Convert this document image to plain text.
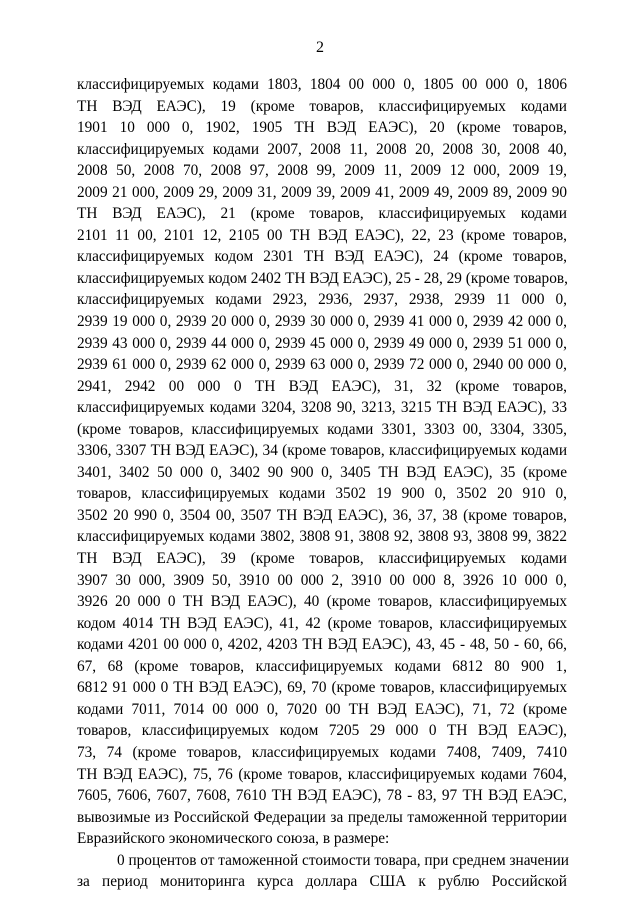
2
классифицируемых кодами 1803, 1804 00 000 0, 1805 00 000 0, 1806
ТН ВЭД ЕАЭС), 19 (кроме товаров, классифицируемых кодами
1901 10 000 0, 1902, 1905 ТН ВЭД ЕАЭС), 20 (кроме товаров,
классифицируемых кодами 2007, 2008 11, 2008 20, 2008 30, 2008 40,
2008 50, 2008 70, 2008 97, 2008 99, 2009 11, 2009 12 000, 2009 19,
2009 21 000, 2009 29, 2009 31, 2009 39, 2009 41, 2009 49, 2009 89, 2009 90
ТН ВЭД ЕАЭС), 21 (кроме товаров, классифицируемых кодами
2101 11 00, 2101 12, 2105 00 ТН ВЭД ЕАЭС), 22, 23 (кроме товаров,
классифицируемых кодом 2301 ТН ВЭД ЕАЭС), 24 (кроме товаров,
классифицируемых кодом 2402 ТН ВЭД ЕАЭС), 25 - 28, 29 (кроме товаров,
классифицируемых кодами 2923, 2936, 2937, 2938, 2939 11 000 0,
2939 19 000 0, 2939 20 000 0, 2939 30 000 0, 2939 41 000 0, 2939 42 000 0,
2939 43 000 0, 2939 44 000 0, 2939 45 000 0, 2939 49 000 0, 2939 51 000 0,
2939 61 000 0, 2939 62 000 0, 2939 63 000 0, 2939 72 000 0, 2940 00 000 0,
2941, 2942 00 000 0 ТН ВЭД ЕАЭС), 31, 32 (кроме товаров,
классифицируемых кодами 3204, 3208 90, 3213, 3215 ТН ВЭД ЕАЭС), 33
(кроме товаров, классифицируемых кодами 3301, 3303 00, 3304, 3305,
3306, 3307 ТН ВЭД ЕАЭС), 34 (кроме товаров, классифицируемых кодами
3401, 3402 50 000 0, 3402 90 900 0, 3405 ТН ВЭД ЕАЭС), 35 (кроме
товаров, классифицируемых кодами 3502 19 900 0, 3502 20 910 0,
3502 20 990 0, 3504 00, 3507 ТН ВЭД ЕАЭС), 36, 37, 38 (кроме товаров,
классифицируемых кодами 3802, 3808 91, 3808 92, 3808 93, 3808 99, 3822
ТН ВЭД ЕАЭС), 39 (кроме товаров, классифицируемых кодами
3907 30 000, 3909 50, 3910 00 000 2, 3910 00 000 8, 3926 10 000 0,
3926 20 000 0 ТН ВЭД ЕАЭС), 40 (кроме товаров, классифицируемых
кодом 4014 ТН ВЭД ЕАЭС), 41, 42 (кроме товаров, классифицируемых
кодами 4201 00 000 0, 4202, 4203 ТН ВЭД ЕАЭС), 43, 45 - 48, 50 - 60, 66,
67, 68 (кроме товаров, классифицируемых кодами 6812 80 900 1,
6812 91 000 0 ТН ВЭД ЕАЭС), 69, 70 (кроме товаров, классифицируемых
кодами 7011, 7014 00 000 0, 7020 00 ТН ВЭД ЕАЭС), 71, 72 (кроме
товаров, классифицируемых кодом 7205 29 000 0 ТН ВЭД ЕАЭС),
73, 74 (кроме товаров, классифицируемых кодами 7408, 7409, 7410
ТН ВЭД ЕАЭС), 75, 76 (кроме товаров, классифицируемых кодами 7604,
7605, 7606, 7607, 7608, 7610 ТН ВЭД ЕАЭС), 78 - 83, 97 ТН ВЭД ЕАЭС,
вывозимые из Российской Федерации за пределы таможенной территории
Евразийского экономического союза, в размере:
0 процентов от таможенной стоимости товара, при среднем значении
за период мониторинга курса доллара США к рублю Российской
